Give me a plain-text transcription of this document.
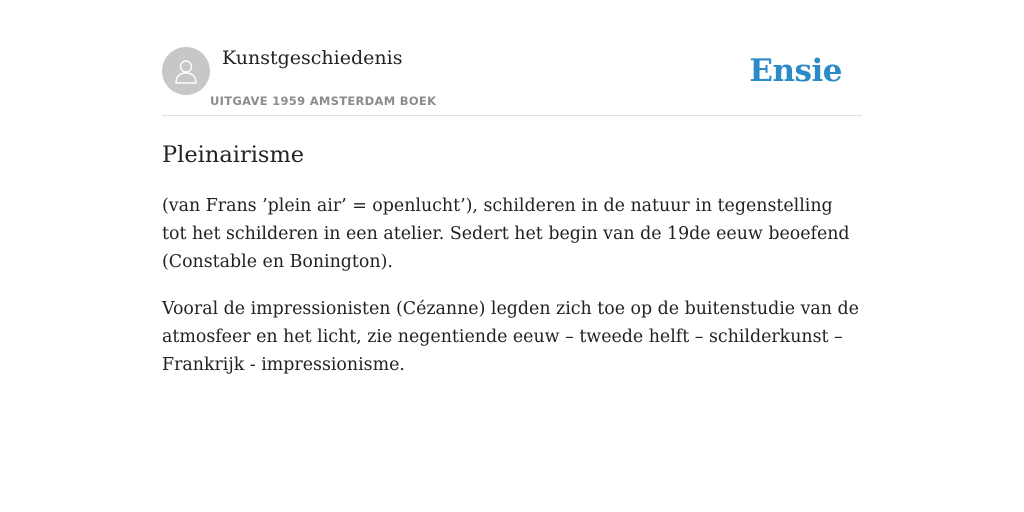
Kunstgeschiedenis
UITGAVE 1959 AMSTERDAM BOEK
Ensie
Pleinairisme

(van Frans ’plein air’ = openlucht’), schilderen in de natuur in tegenstelling tot het schilderen in een atelier. Sedert het begin van de 19de eeuw beoefend (Constable en Bonington).

Vooral de impressionisten (Cézanne) legden zich toe op de buitenstudie van de atmosfeer en het licht, zie negentiende eeuw – tweede helft – schilderkunst – Frankrijk - impressionisme.
